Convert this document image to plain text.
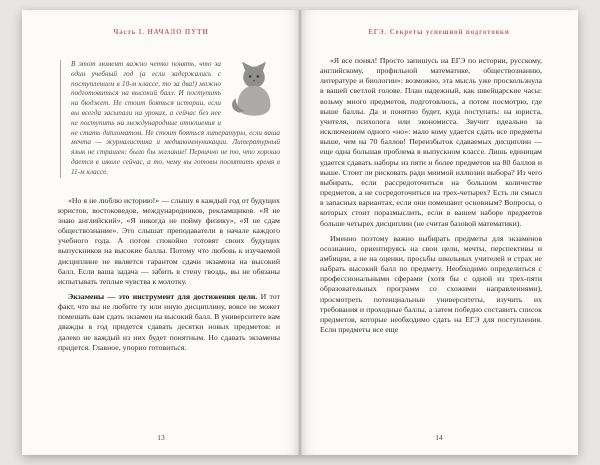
Часть I. НАЧАЛО ПУТИ
В этот момент важно четко понять, что за один учебный год (а если задержались с поступлением в 10-м классе, то за два!) можно подготовиться на высокий балл. И поступить на бюджет. Не стоит бояться истории, если вы всегда засыпали на уроках, а сейчас без нее не поступить на международные отношения и не стать дипломатом. Не стоит бояться литературы, если ваша мечта — журналистика и медиакоммуникации. Литературный язык не страшен: было бы желание! Первично не то, что хорошо дается в школе сейчас, а то, чему вы готовы посвятить время в 11-м классе.

«Но я не люблю историю!» — слышу я каждый год от будущих юристов, востоковедов, международников, рекламщиков. «Я не знаю английский», «Я никогда не пойму физику», «Я не сдам обществознание». Это слышат преподаватели в начале каждого учебного года. А потом спокойно готовят своих будущих выпускников на высокие баллы. Потому что любовь к изучаемой дисциплине не является гарантом сдачи экзамена на высокий балл. Если ваша задача — забить в стену гвоздь, вы не обязаны испытывать теплые чувства к молотку.

Экзамены — это инструмент для достижения цели. И тот факт, что вы не любите ту или иную дисциплину, вовсе не может помешать вам сдать экзамен на высокий балл. В университете вам дважды в год придется сдавать десятки новых предметов: и далеко не каждый из них будет понятным. Но сдавать экзамены придется. Главное, упорно готовиться.

13
ЕГЭ. Секреты успешной подготовки

«Я все понял! Просто запишусь на ЕГЭ по истории, русскому, английскому, профильной математике, обществознанию, литературе и биологии»: возможно, эта мысль уже проскользнула в вашей светлой голове. План надежный, как швейцарские часы: возьму много предметов, подготовлюсь, а потом посмотрю, где выше баллы. Да и понятно будет, куда поступать: на юриста, учителя, психолога или экономиста. Звучит идеально за исключением одного «но»: мало кому удается сдать все предметы выше, чем на 70 баллов! Переизбыток сдаваемых дисциплин — еще одна большая проблема в выпускном классе. Лишь единицам удается сдавать наборы из пяти и более предметов на 80 баллов и выше. Стоит ли рисковать ради мнимой иллюзии выбора? Из чего выбирать, если рассредоточиться на большом количестве предметов, а не сосредоточиться на трех-четырех? Есть ли смысл в запасных вариантах, если они помешают основным? Вопросы, о которых стоит поразмыслить, если в вашем наборе предметов больше четырех дисциплин (не считая базовой математики).

Именно поэтому важно выбирать предметы для экзаменов осознанно, ориентируясь на свои цели, мечты, перспективы и амбиции, а не на оценки, просьбы школьных учителей и страх не набрать высокий балл по предмету. Необходимо определиться с профессиональными сферами (хотя бы с одной из трех-пяти образовательных программ со схожими направлениями), просмотреть потенциальные университеты, изучить их требования и проходные баллы, а затем победно составить список предметов, которые необходимо сдать на ЕГЭ для поступления. Если предметы все еще

14
